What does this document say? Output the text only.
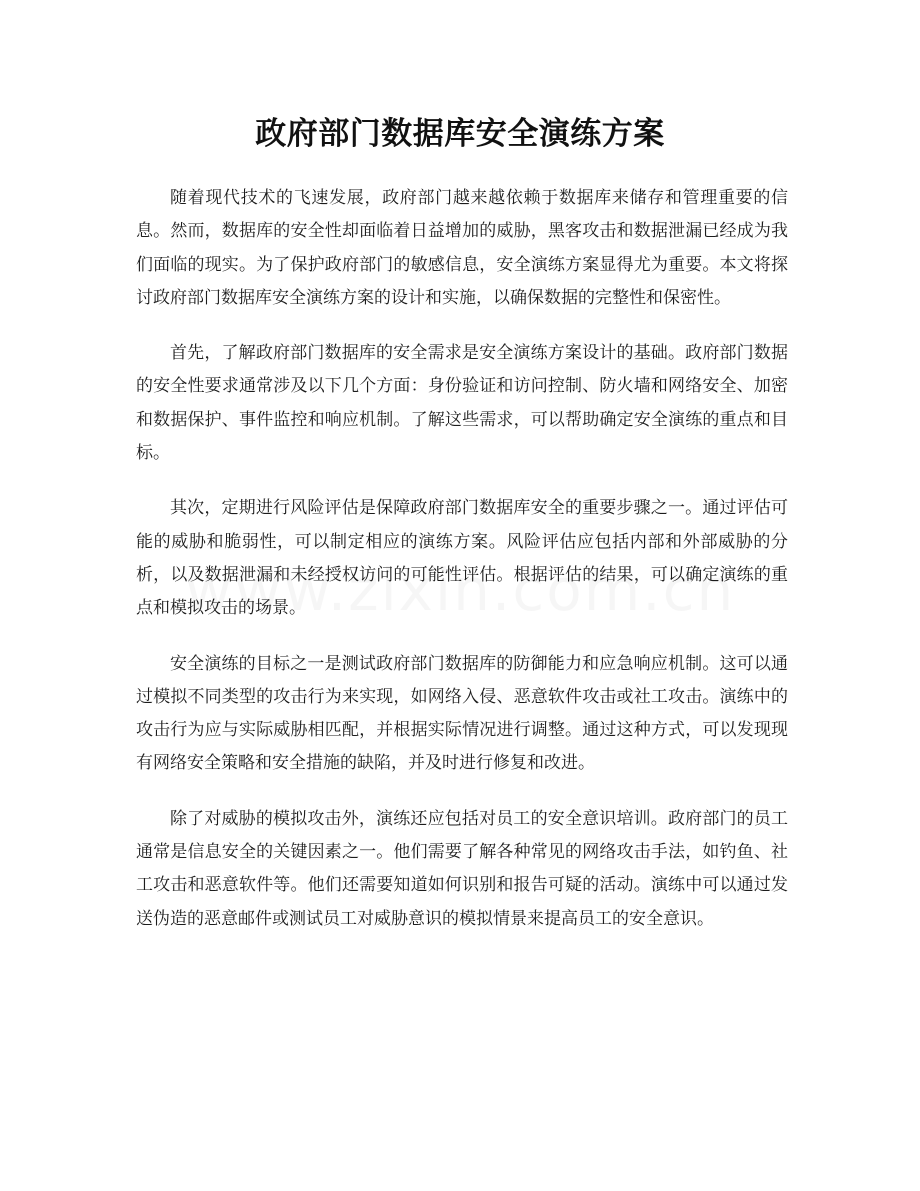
政府部门数据库安全演练方案

随着现代技术的飞速发展，政府部门越来越依赖于数据库来储存和管理重要的信息。然而，数据库的安全性却面临着日益增加的威胁，黑客攻击和数据泄漏已经成为我们面临的现实。为了保护政府部门的敏感信息，安全演练方案显得尤为重要。本文将探讨政府部门数据库安全演练方案的设计和实施，以确保数据的完整性和保密性。

首先，了解政府部门数据库的安全需求是安全演练方案设计的基础。政府部门数据的安全性要求通常涉及以下几个方面：身份验证和访问控制、防火墙和网络安全、加密和数据保护、事件监控和响应机制。了解这些需求，可以帮助确定安全演练的重点和目标。

其次，定期进行风险评估是保障政府部门数据库安全的重要步骤之一。通过评估可能的威胁和脆弱性，可以制定相应的演练方案。风险评估应包括内部和外部威胁的分析，以及数据泄漏和未经授权访问的可能性评估。根据评估的结果，可以确定演练的重点和模拟攻击的场景。

安全演练的目标之一是测试政府部门数据库的防御能力和应急响应机制。这可以通过模拟不同类型的攻击行为来实现，如网络入侵、恶意软件攻击或社工攻击。演练中的攻击行为应与实际威胁相匹配，并根据实际情况进行调整。通过这种方式，可以发现现有网络安全策略和安全措施的缺陷，并及时进行修复和改进。

除了对威胁的模拟攻击外，演练还应包括对员工的安全意识培训。政府部门的员工通常是信息安全的关键因素之一。他们需要了解各种常见的网络攻击手法，如钓鱼、社工攻击和恶意软件等。他们还需要知道如何识别和报告可疑的活动。演练中可以通过发送伪造的恶意邮件或测试员工对威胁意识的模拟情景来提高员工的安全意识。
